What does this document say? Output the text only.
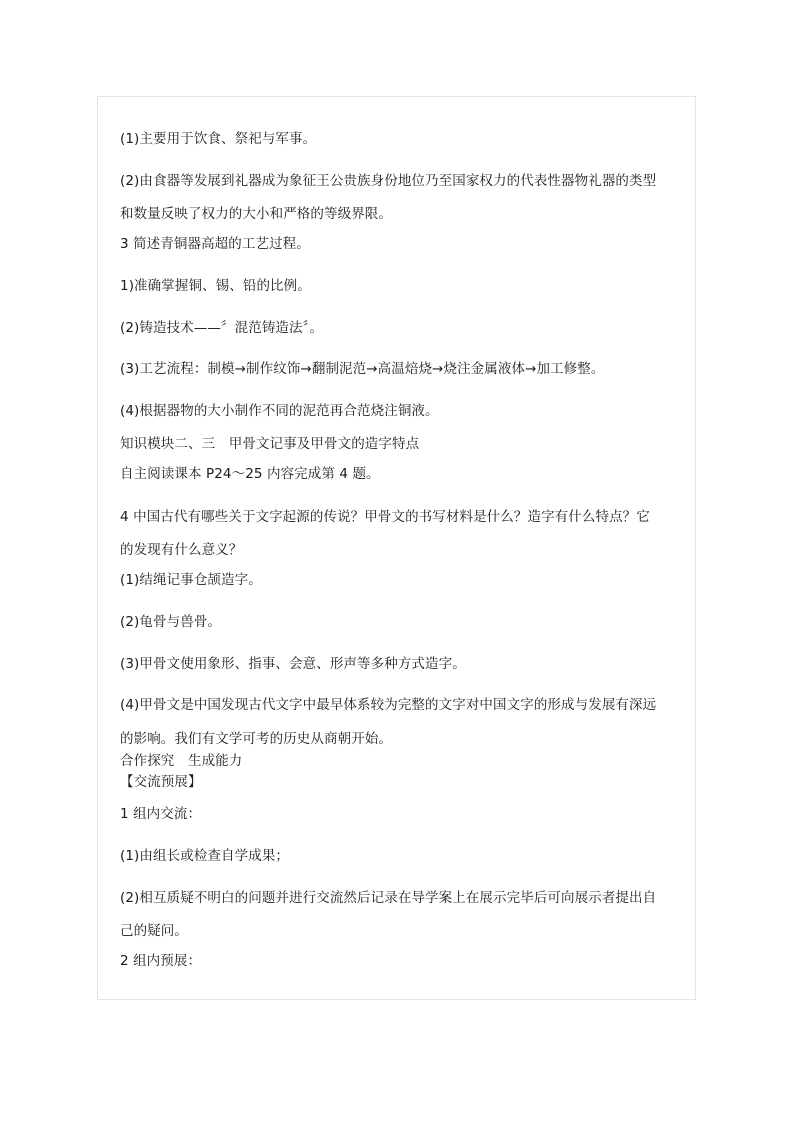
(1)主要用于饮食、祭祀与军事。
(2)由食器等发展到礼器成为象征王公贵族身份地位乃至国家权力的代表性器物礼器的类型
和数量反映了权力的大小和严格的等级界限。
3 简述青铜器高超的工艺过程。
1)准确掌握铜、锡、铅的比例。
(2)铸造技术——〞混范铸造法〞。
(3)工艺流程：制模→制作纹饰→翻制泥范→高温焙烧→烧注金属液体→加工修整。
(4)根据器物的大小制作不同的泥范再合范烧注铜液。
知识模块二、三　甲骨文记事及甲骨文的造字特点
自主阅读课本 P24～25 内容完成第 4 题。
4 中国古代有哪些关于文字起源的传说？甲骨文的书写材料是什么？造字有什么特点？它
的发现有什么意义？
(1)结绳记事仓颉造字。
(2)龟骨与兽骨。
(3)甲骨文使用象形、指事、会意、形声等多种方式造字。
(4)甲骨文是中国发现古代文字中最早体系较为完整的文字对中国文字的形成与发展有深远
的影响。我们有文学可考的历史从商朝开始。
合作探究　生成能力
【交流预展】
1 组内交流：
(1)由组长或检查自学成果；
(2)相互质疑不明白的问题并进行交流然后记录在导学案上在展示完毕后可向展示者提出自
己的疑问。
2 组内预展：
